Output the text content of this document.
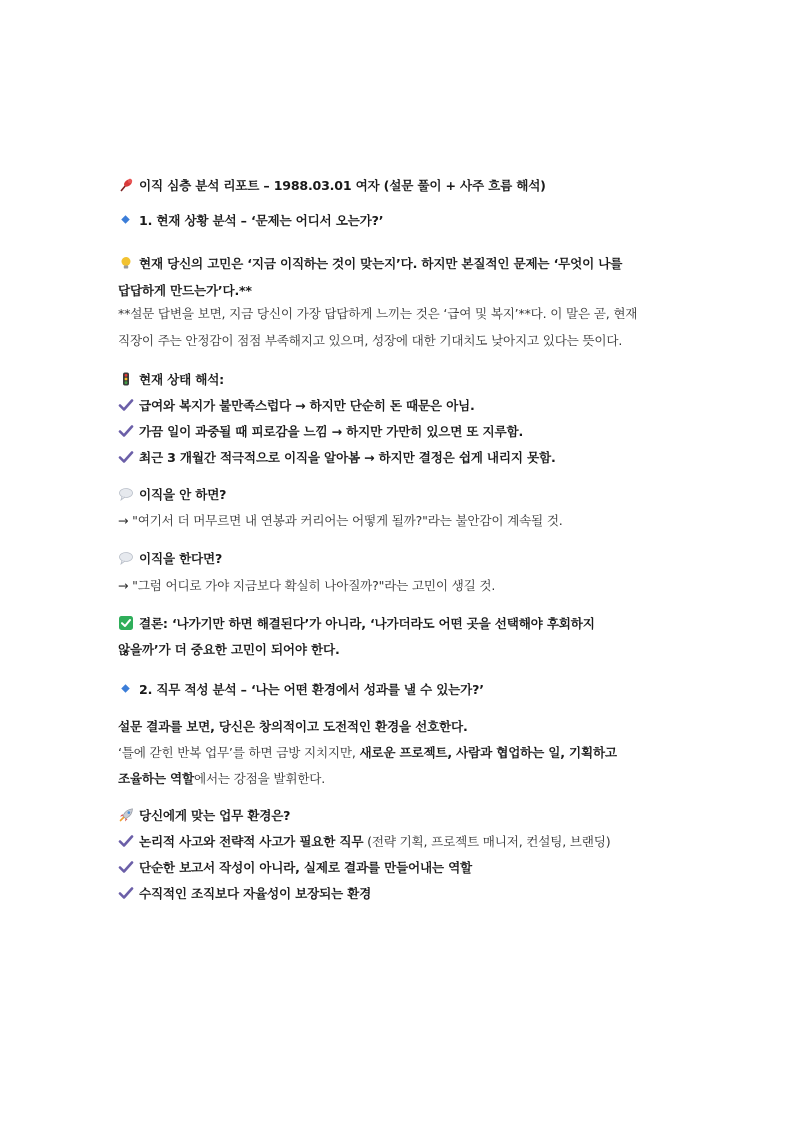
이직 심층 분석 리포트 – 1988.03.01 여자 (설문 풀이 + 사주 흐름 해석)
1. 현재 상황 분석 – ‘문제는 어디서 오는가?’
현재 당신의 고민은 ‘지금 이직하는 것이 맞는지’다. 하지만 본질적인 문제는 ‘무엇이 나를
답답하게 만드는가’다.**
**설문 답변을 보면, 지금 당신이 가장 답답하게 느끼는 것은 ‘급여 및 복지’**다. 이 말은 곧, 현재
직장이 주는 안정감이 점점 부족해지고 있으며, 성장에 대한 기대치도 낮아지고 있다는 뜻이다.
현재 상태 해석:
급여와 복지가 불만족스럽다 → 하지만 단순히 돈 때문은 아님.
가끔 일이 과중될 때 피로감을 느낌 → 하지만 가만히 있으면 또 지루함.
최근 3 개월간 적극적으로 이직을 알아봄 → 하지만 결정은 쉽게 내리지 못함.
이직을 안 하면?
→ "여기서 더 머무르면 내 연봉과 커리어는 어떻게 될까?"라는 불안감이 계속될 것.
이직을 한다면?
→ "그럼 어디로 가야 지금보다 확실히 나아질까?"라는 고민이 생길 것.
결론: ‘나가기만 하면 해결된다’가 아니라, ‘나가더라도 어떤 곳을 선택해야 후회하지
않을까’가 더 중요한 고민이 되어야 한다.
2. 직무 적성 분석 – ‘나는 어떤 환경에서 성과를 낼 수 있는가?’
설문 결과를 보면, 당신은 창의적이고 도전적인 환경을 선호한다.
‘틀에 갇힌 반복 업무’를 하면 금방 지치지만, 새로운 프로젝트, 사람과 협업하는 일, 기획하고
조율하는 역할에서는 강점을 발휘한다.
당신에게 맞는 업무 환경은?
논리적 사고와 전략적 사고가 필요한 직무 (전략 기획, 프로젝트 매니저, 컨설팅, 브랜딩)
단순한 보고서 작성이 아니라, 실제로 결과를 만들어내는 역할
수직적인 조직보다 자율성이 보장되는 환경
